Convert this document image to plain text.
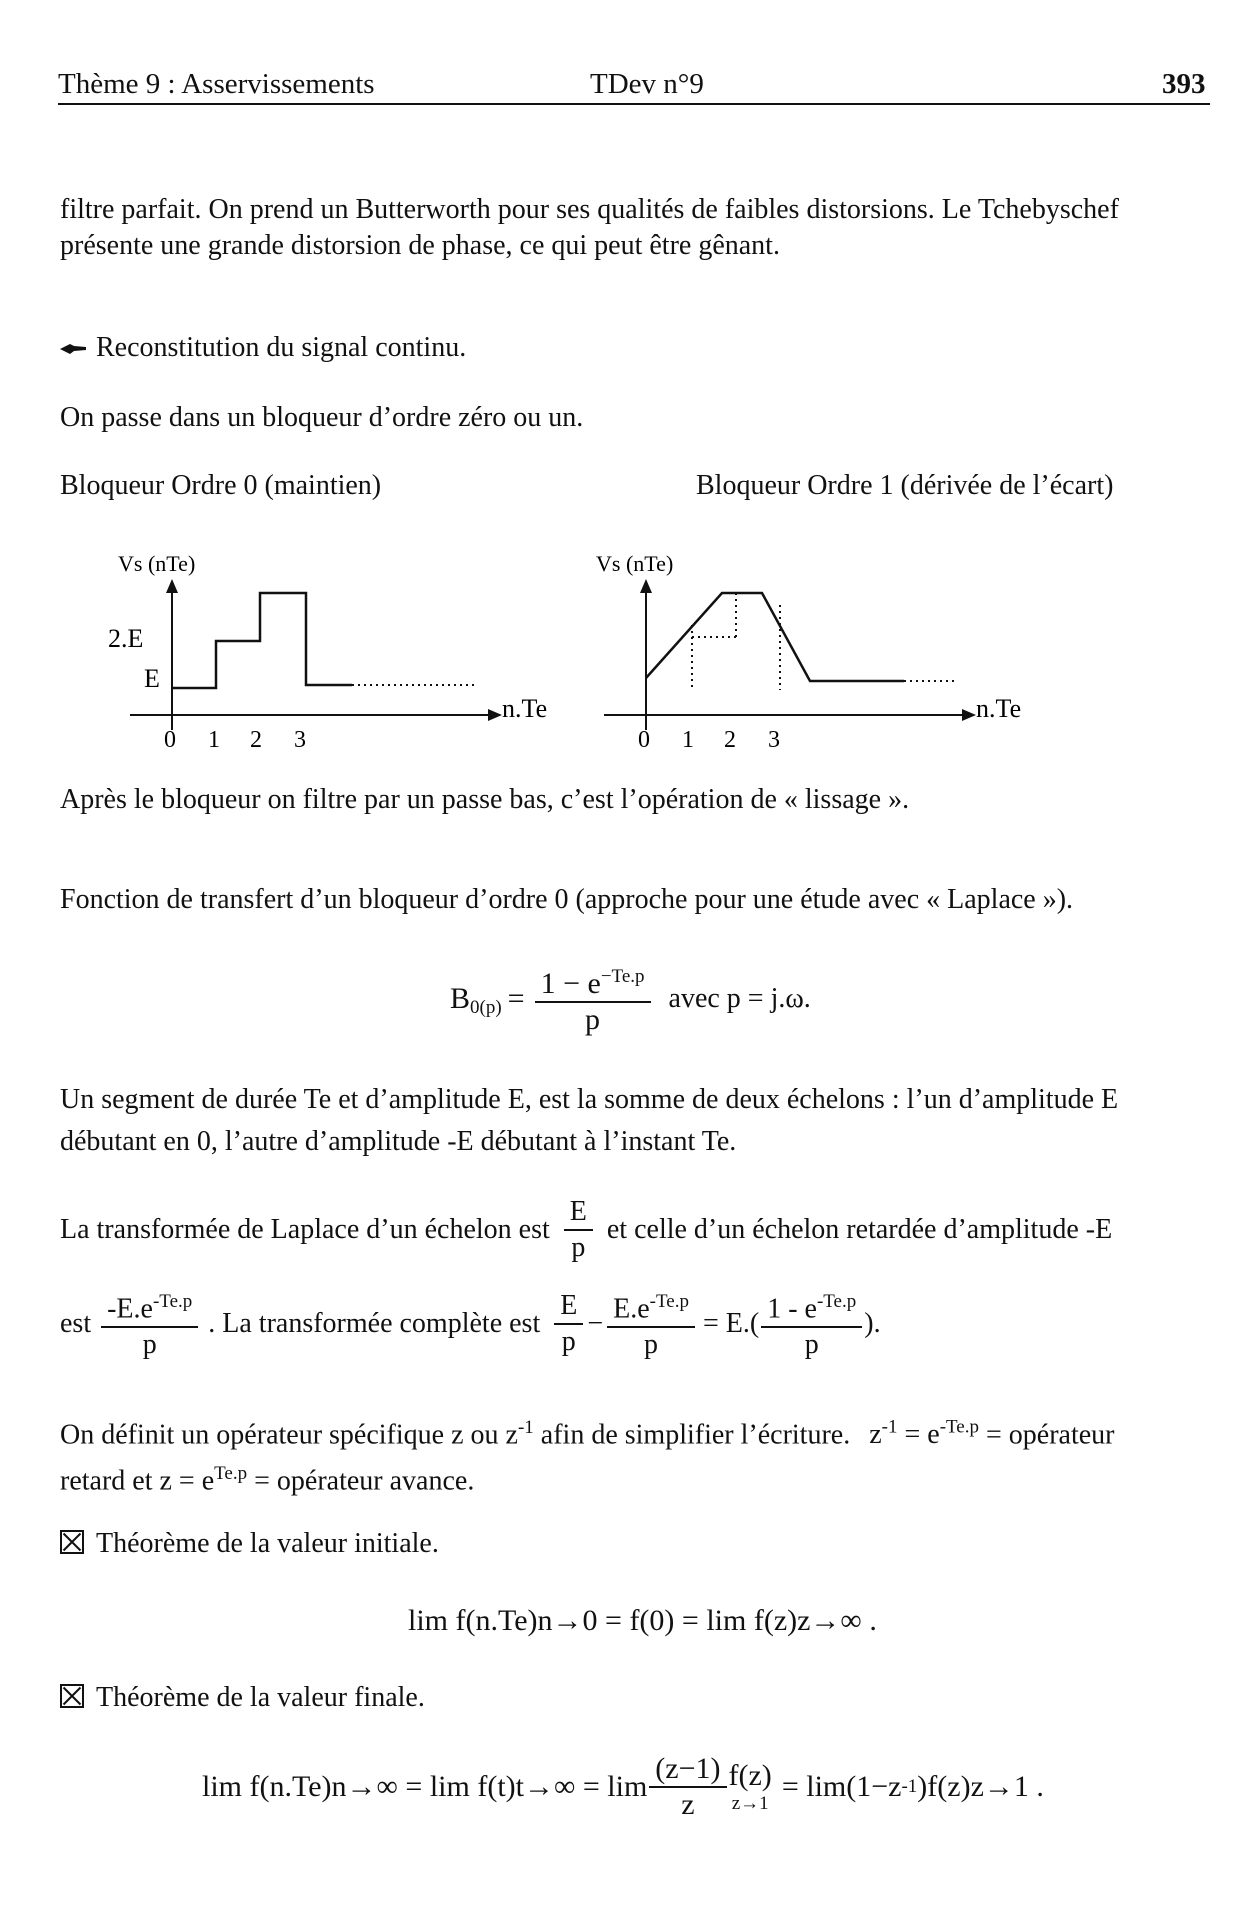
Thème 9 : Asservissements	TDev n°9	393
filtre parfait. On prend un Butterworth pour ses qualités de faibles distorsions. Le Tchebyschef
présente une grande distorsion de phase, ce qui peut être gênant.
Reconstitution du signal continu.
On passe dans un bloqueur d’ordre zéro ou un.
Bloqueur Ordre 0 (maintien)	Bloqueur Ordre 1 (dérivée de l’écart)
Vs (nTe)
n.Te
2.E
E
0 1 2 3
Vs (nTe)
n.Te
0 1 2 3
Après le bloqueur on filtre par un passe bas, c’est l’opération de « lissage ».
Fonction de transfert d’un bloqueur d’ordre 0 (approche pour une étude avec « Laplace »).
$B_{0(p)} = \frac{1 - e^{-Te.p}}{p}$ avec p = j.ω.
Un segment de durée Te et d’amplitude E, est la somme de deux échelons : l’un d’amplitude E
débutant en 0, l’autre d’amplitude -E débutant à l’instant Te.
La transformée de Laplace d’un échelon est $\frac{E}{p}$ et celle d’un échelon retardée d’amplitude -E
est $\frac{-E.e^{-Te.p}}{p}$ . La transformée complète est $\frac{E}{p} - \frac{E.e^{-Te.p}}{p} = E.( \frac{1 - e^{-Te.p}}{p}$ ).
On définit un opérateur spécifique z ou $z^{-1}$ afin de simplifier l’écriture. $z^{-1} = e^{-Te.p}$ = opérateur
retard et $z = e^{Te.p}$ = opérateur avance.
Théorème de la valeur initiale.
lim f(n.Te)n→0 = f(0) = lim f(z)z→∞ .
Théorème de la valeur finale.
$\lim f(n.Te)n\to\infty = \lim f(t)t\to\infty = \lim \frac{(z-1)}{z} f(z)$
z→1
= lim(1−z -1 )f(z)z→1 .
